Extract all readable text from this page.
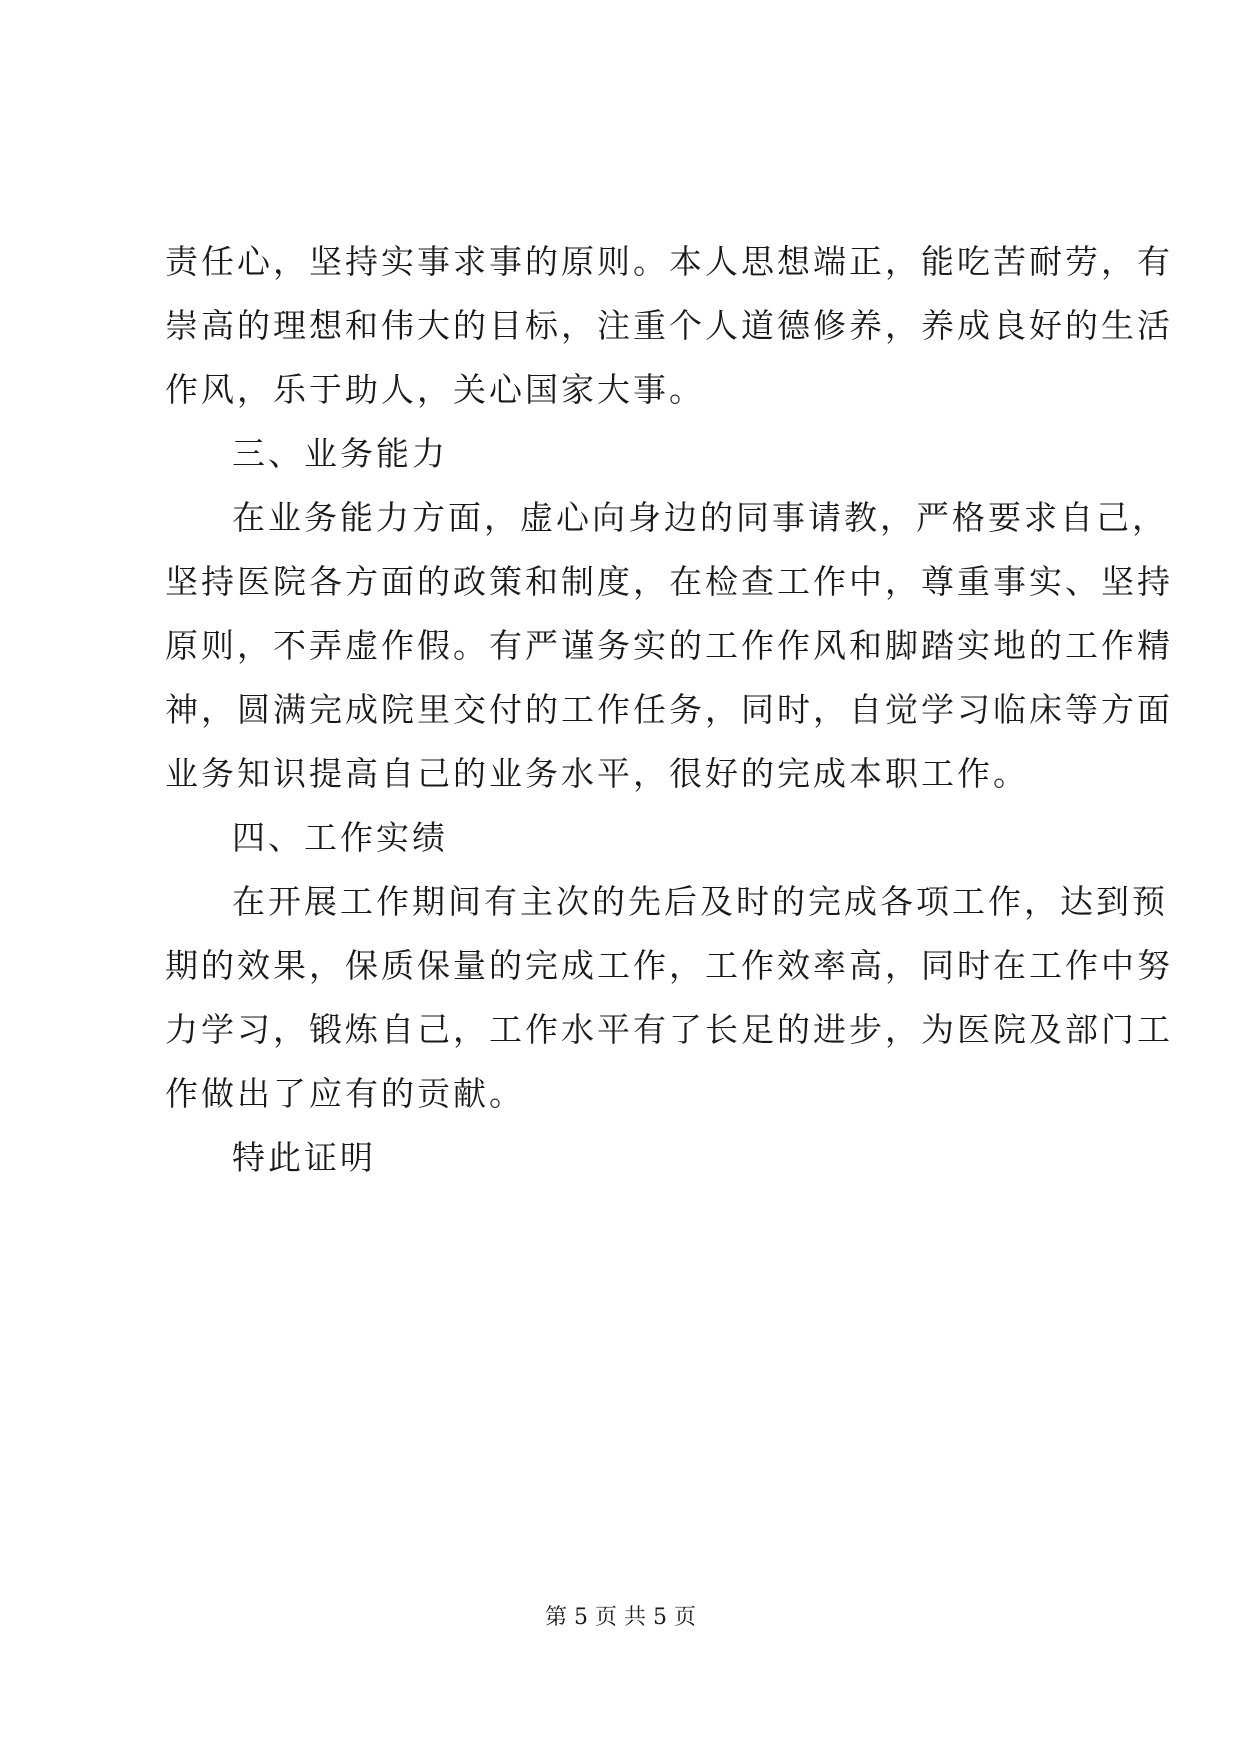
责任心，坚持实事求事的原则。本人思想端正，能吃苦耐劳，有
崇高的理想和伟大的目标，注重个人道德修养，养成良好的生活
作风，乐于助人，关心国家大事。
三、业务能力
在业务能力方面，虚心向身边的同事请教，严格要求自己，
坚持医院各方面的政策和制度，在检查工作中，尊重事实、坚持
原则，不弄虚作假。有严谨务实的工作作风和脚踏实地的工作精
神，圆满完成院里交付的工作任务，同时，自觉学习临床等方面
业务知识提高自己的业务水平，很好的完成本职工作。
四、工作实绩
在开展工作期间有主次的先后及时的完成各项工作，达到预
期的效果，保质保量的完成工作，工作效率高，同时在工作中努
力学习，锻炼自己，工作水平有了长足的进步，为医院及部门工
作做出了应有的贡献。
特此证明
第 5 页 共 5 页
